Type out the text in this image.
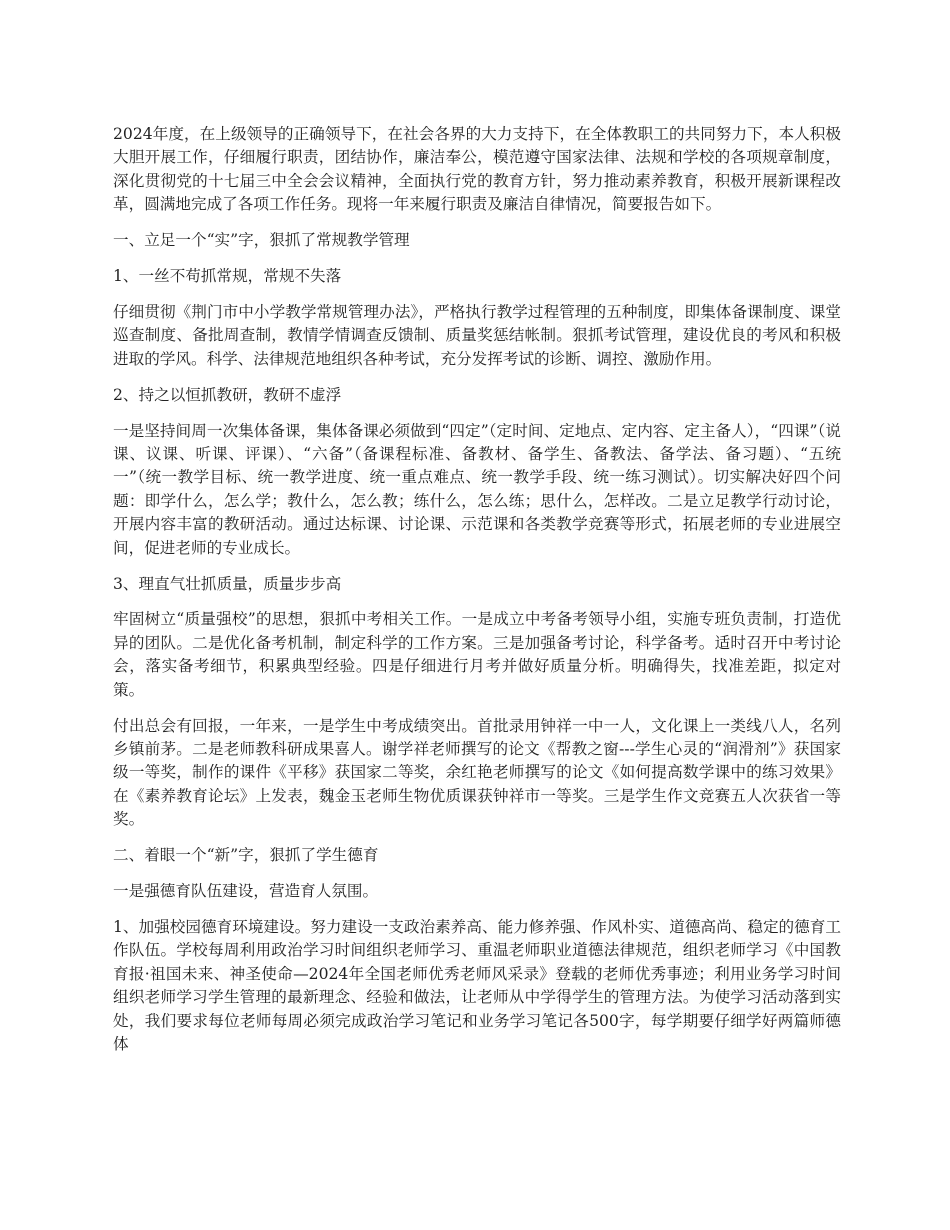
2024年度，在上级领导的正确领导下，在社会各界的大力支持下，在全体教职工的共同努力下，本人积极大胆开展工作，仔细履行职责，团结协作，廉洁奉公，模范遵守国家法律、法规和学校的各项规章制度，深化贯彻党的十七届三中全会会议精神，全面执行党的教育方针，努力推动素养教育，积极开展新课程改革，圆满地完成了各项工作任务。现将一年来履行职责及廉洁自律情况，简要报告如下。

一、立足一个“实”字，狠抓了常规教学管理

1、一丝不苟抓常规，常规不失落

仔细贯彻《荆门市中小学教学常规管理办法》，严格执行教学过程管理的五种制度，即集体备课制度、课堂巡查制度、备批周查制，教情学情调查反馈制、质量奖惩结帐制。狠抓考试管理，建设优良的考风和积极进取的学风。科学、法律规范地组织各种考试，充分发挥考试的诊断、调控、激励作用。

2、持之以恒抓教研，教研不虚浮

一是坚持间周一次集体备课，集体备课必须做到“四定”（定时间、定地点、定内容、定主备人），“四课”（说课、议课、听课、评课）、“六备”（备课程标准、备教材、备学生、备教法、备学法、备习题）、“五统一”（统一教学目标、统一教学进度、统一重点难点、统一教学手段、统一练习测试）。切实解决好四个问题：即学什么，怎么学；教什么，怎么教；练什么，怎么练；思什么，怎样改。二是立足教学行动讨论，开展内容丰富的教研活动。通过达标课、讨论课、示范课和各类教学竞赛等形式，拓展老师的专业进展空间，促进老师的专业成长。

3、理直气壮抓质量，质量步步高

牢固树立“质量强校”的思想，狠抓中考相关工作。一是成立中考备考领导小组，实施专班负责制，打造优异的团队。二是优化备考机制，制定科学的工作方案。三是加强备考讨论，科学备考。适时召开中考讨论会，落实备考细节，积累典型经验。四是仔细进行月考并做好质量分析。明确得失，找准差距，拟定对策。

付出总会有回报，一年来，一是学生中考成绩突出。首批录用钟祥一中一人，文化课上一类线八人，名列乡镇前茅。二是老师教科研成果喜人。谢学祥老师撰写的论文《帮教之窗---学生心灵的“润滑剂”》获国家级一等奖，制作的课件《平移》获国家二等奖，余红艳老师撰写的论文《如何提高数学课中的练习效果》在《素养教育论坛》上发表，魏金玉老师生物优质课获钟祥市一等奖。三是学生作文竞赛五人次获省一等奖。

二、着眼一个“新”字，狠抓了学生德育

一是强德育队伍建设，营造育人氛围。

1、加强校园德育环境建设。努力建设一支政治素养高、能力修养强、作风朴实、道德高尚、稳定的德育工作队伍。学校每周利用政治学习时间组织老师学习、重温老师职业道德法律规范，组织老师学习《中国教育报·祖国未来、神圣使命—2024年全国老师优秀老师风采录》登载的老师优秀事迹；利用业务学习时间组织老师学习学生管理的最新理念、经验和做法，让老师从中学得学生的管理方法。为使学习活动落到实处，我们要求每位老师每周必须完成政治学习笔记和业务学习笔记各500字，每学期要仔细学好两篇师德体
